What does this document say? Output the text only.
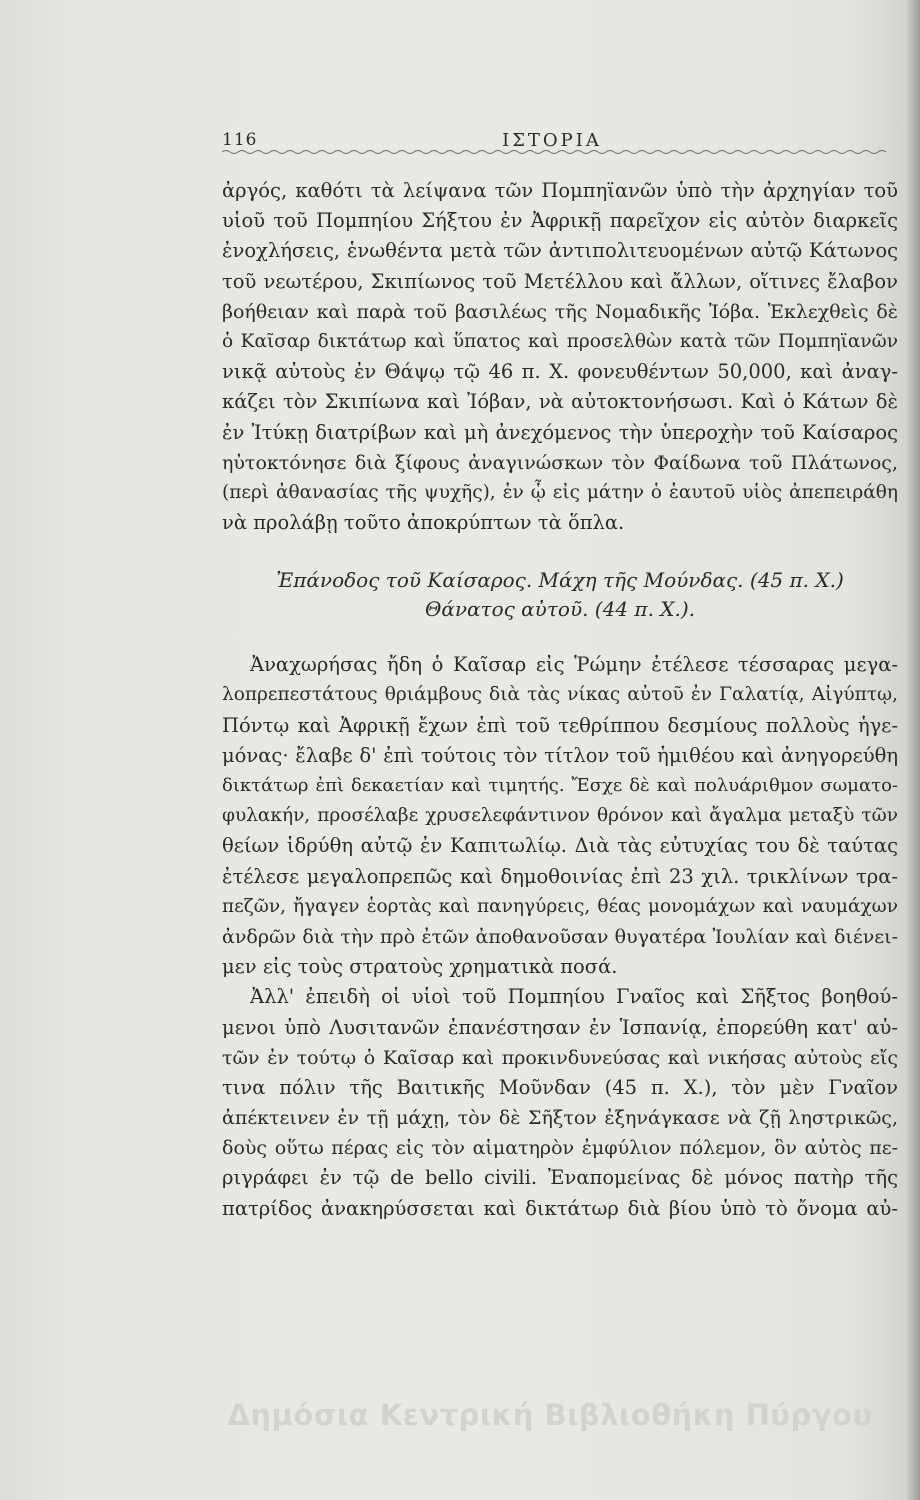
116	ΙΣΤΟΡΙΑ
ἀργός, καθότι τὰ λείψανα τῶν Πομπηϊανῶν ὑπὸ τὴν ἀρχηγίαν τοῦ
υἱοῦ τοῦ Πομπηίου Σήξτου ἐν Ἀφρικῇ παρεῖχον εἰς αὐτὸν διαρκεῖς
ἐνοχλήσεις, ἑνωθέντα μετὰ τῶν ἀντιπολιτευομένων αὐτῷ Κάτωνος
τοῦ νεωτέρου, Σκιπίωνος τοῦ Μετέλλου καὶ ἄλλων, οἵτινες ἔλαβον
βοήθειαν καὶ παρὰ τοῦ βασιλέως τῆς Νομαδικῆς Ἰόβα. Ἐκλεχθεὶς δὲ
ὁ Καῖσαρ δικτάτωρ καὶ ὕπατος καὶ προσελθὼν κατὰ τῶν Πομπηϊανῶν
νικᾷ αὐτοὺς ἐν Θάψῳ τῷ 46 π. Χ. φονευθέντων 50,000, καὶ ἀναγ-
κάζει τὸν Σκιπίωνα καὶ Ἰόβαν, νὰ αὐτοκτονήσωσι. Καὶ ὁ Κάτων δὲ
ἐν Ἰτύκῃ διατρίβων καὶ μὴ ἀνεχόμενος τὴν ὑπεροχὴν τοῦ Καίσαρος
ηὐτοκτόνησε διὰ ξίφους ἀναγινώσκων τὸν Φαίδωνα τοῦ Πλάτωνος,
(περὶ ἀθανασίας τῆς ψυχῆς), ἐν ᾧ εἰς μάτην ὁ ἑαυτοῦ υἱὸς ἀπεπειράθη
νὰ προλάβῃ τοῦτο ἀποκρύπτων τὰ ὅπλα.
Ἐπάνοδος τοῦ Καίσαρος. Μάχη τῆς Μούνδας. (45 π. Χ.)
Θάνατος αὐτοῦ. (44 π. Χ.).
Ἀναχωρήσας ἤδη ὁ Καῖσαρ εἰς Ῥώμην ἐτέλεσε τέσσαρας μεγα-
λοπρεπεστάτους θριάμβους διὰ τὰς νίκας αὐτοῦ ἐν Γαλατίᾳ, Αἰγύπτῳ,
Πόντῳ καὶ Ἀφρικῇ ἔχων ἐπὶ τοῦ τεθρίππου δεσμίους πολλοὺς ἡγε-
μόνας· ἔλαβε δ' ἐπὶ τούτοις τὸν τίτλον τοῦ ἡμιθέου καὶ ἀνηγορεύθη
δικτάτωρ ἐπὶ δεκαετίαν καὶ τιμητής. Ἔσχε δὲ καὶ πολυάριθμον σωματο-
φυλακήν, προσέλαβε χρυσελεφάντινον θρόνον καὶ ἄγαλμα μεταξὺ τῶν
θείων ἱδρύθη αὐτῷ ἐν Καπιτωλίῳ. Διὰ τὰς εὐτυχίας του δὲ ταύτας
ἐτέλεσε μεγαλοπρεπῶς καὶ δημοθοινίας ἐπὶ 23 χιλ. τρικλίνων τρα-
πεζῶν, ἤγαγεν ἑορτὰς καὶ πανηγύρεις, θέας μονομάχων καὶ ναυμάχων
ἀνδρῶν διὰ τὴν πρὸ ἐτῶν ἀποθανοῦσαν θυγατέρα Ἰουλίαν καὶ διένει-
μεν εἰς τοὺς στρατοὺς χρηματικὰ ποσά.
Ἀλλ' ἐπειδὴ οἱ υἱοὶ τοῦ Πομπηίου Γναῖος καὶ Σῆξτος βοηθού-
μενοι ὑπὸ Λυσιτανῶν ἐπανέστησαν ἐν Ἱσπανίᾳ, ἐπορεύθη κατ' αὐ-
τῶν ἐν τούτῳ ὁ Καῖσαρ καὶ προκινδυνεύσας καὶ νικήσας αὐτοὺς εἴς
τινα πόλιν τῆς Βαιτικῆς Μοῦνδαν (45 π. Χ.), τὸν μὲν Γναῖον
ἀπέκτεινεν ἐν τῇ μάχῃ, τὸν δὲ Σῆξτον ἐξηνάγκασε νὰ ζῇ ληστρικῶς,
δοὺς οὕτω πέρας εἰς τὸν αἱματηρὸν ἐμφύλιον πόλεμον, ὃν αὐτὸς πε-
ριγράφει ἐν τῷ de bello civili. Ἐναπομείνας δὲ μόνος πατὴρ τῆς
πατρίδος ἀνακηρύσσεται καὶ δικτάτωρ διὰ βίου ὑπὸ τὸ ὄνομα αὐ-
Δημόσια Κεντρική Βιβλιοθήκη Πύργου
